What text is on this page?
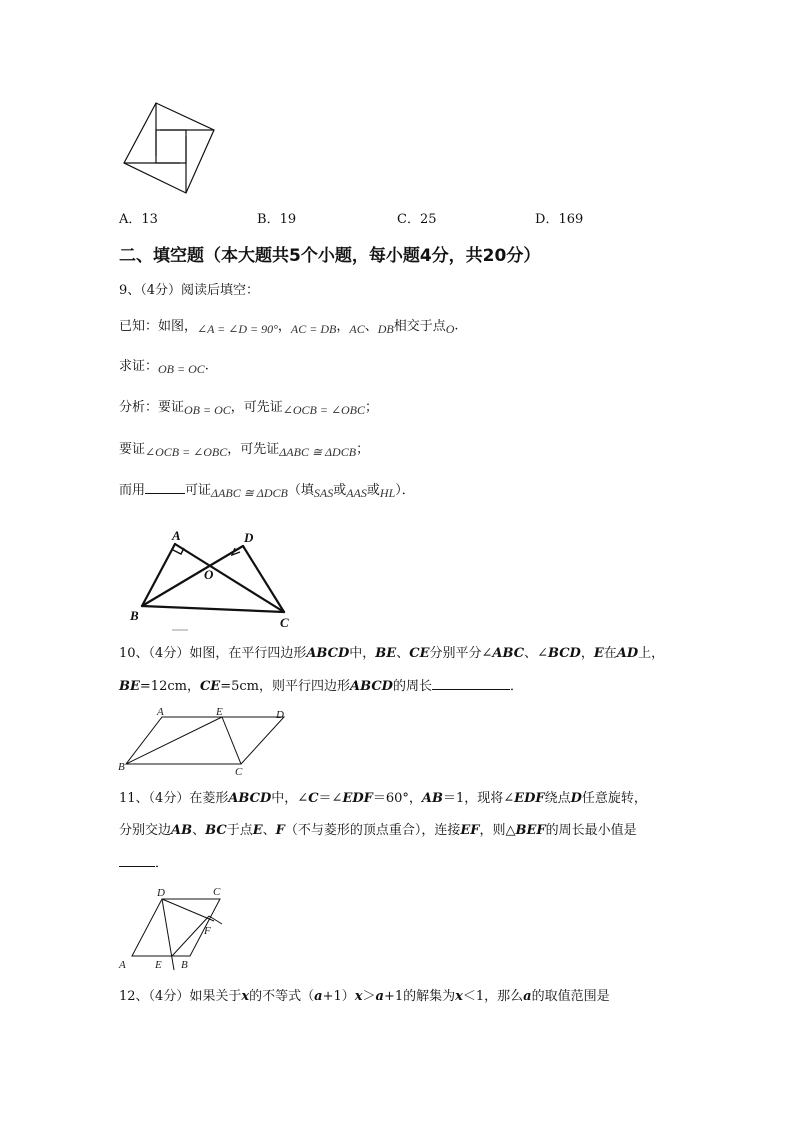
A．13	B．19	C．25	D．169
二、填空题（本大题共5个小题，每小题4分，共20分）
9、（4分）阅读后填空：
已知：如图，∠A = ∠D = 90°，AC = DB，AC、DB相交于点O·
求证：OB = OC·
分析：要证OB = OC，可先证∠OCB = ∠OBC；
要证∠OCB = ∠OBC，可先证ΔABC ≅ ΔDCB；
而用	可证ΔABC ≅ ΔDCB（填SAS或AAS或HL）．
A	D
O
B	C
10、（4分）如图，在平行四边形ABCD中，BE、CE分别平分∠ABC、∠BCD，E在AD上，
BE=12cm，CE=5cm，则平行四边形ABCD的周长	．
A	E	D
B	C
11、（4分）在菱形ABCD中，∠C＝∠EDF＝60°，AB＝1，现将∠EDF绕点D任意旋转，
分别交边AB、BC于点E、F（不与菱形的顶点重合），连接EF，则△BEF的周长最小值是
．
D	C
F
A	E B
12、（4分）如果关于x的不等式（a+1）x＞a+1的解集为x＜1，那么a的取值范围是
